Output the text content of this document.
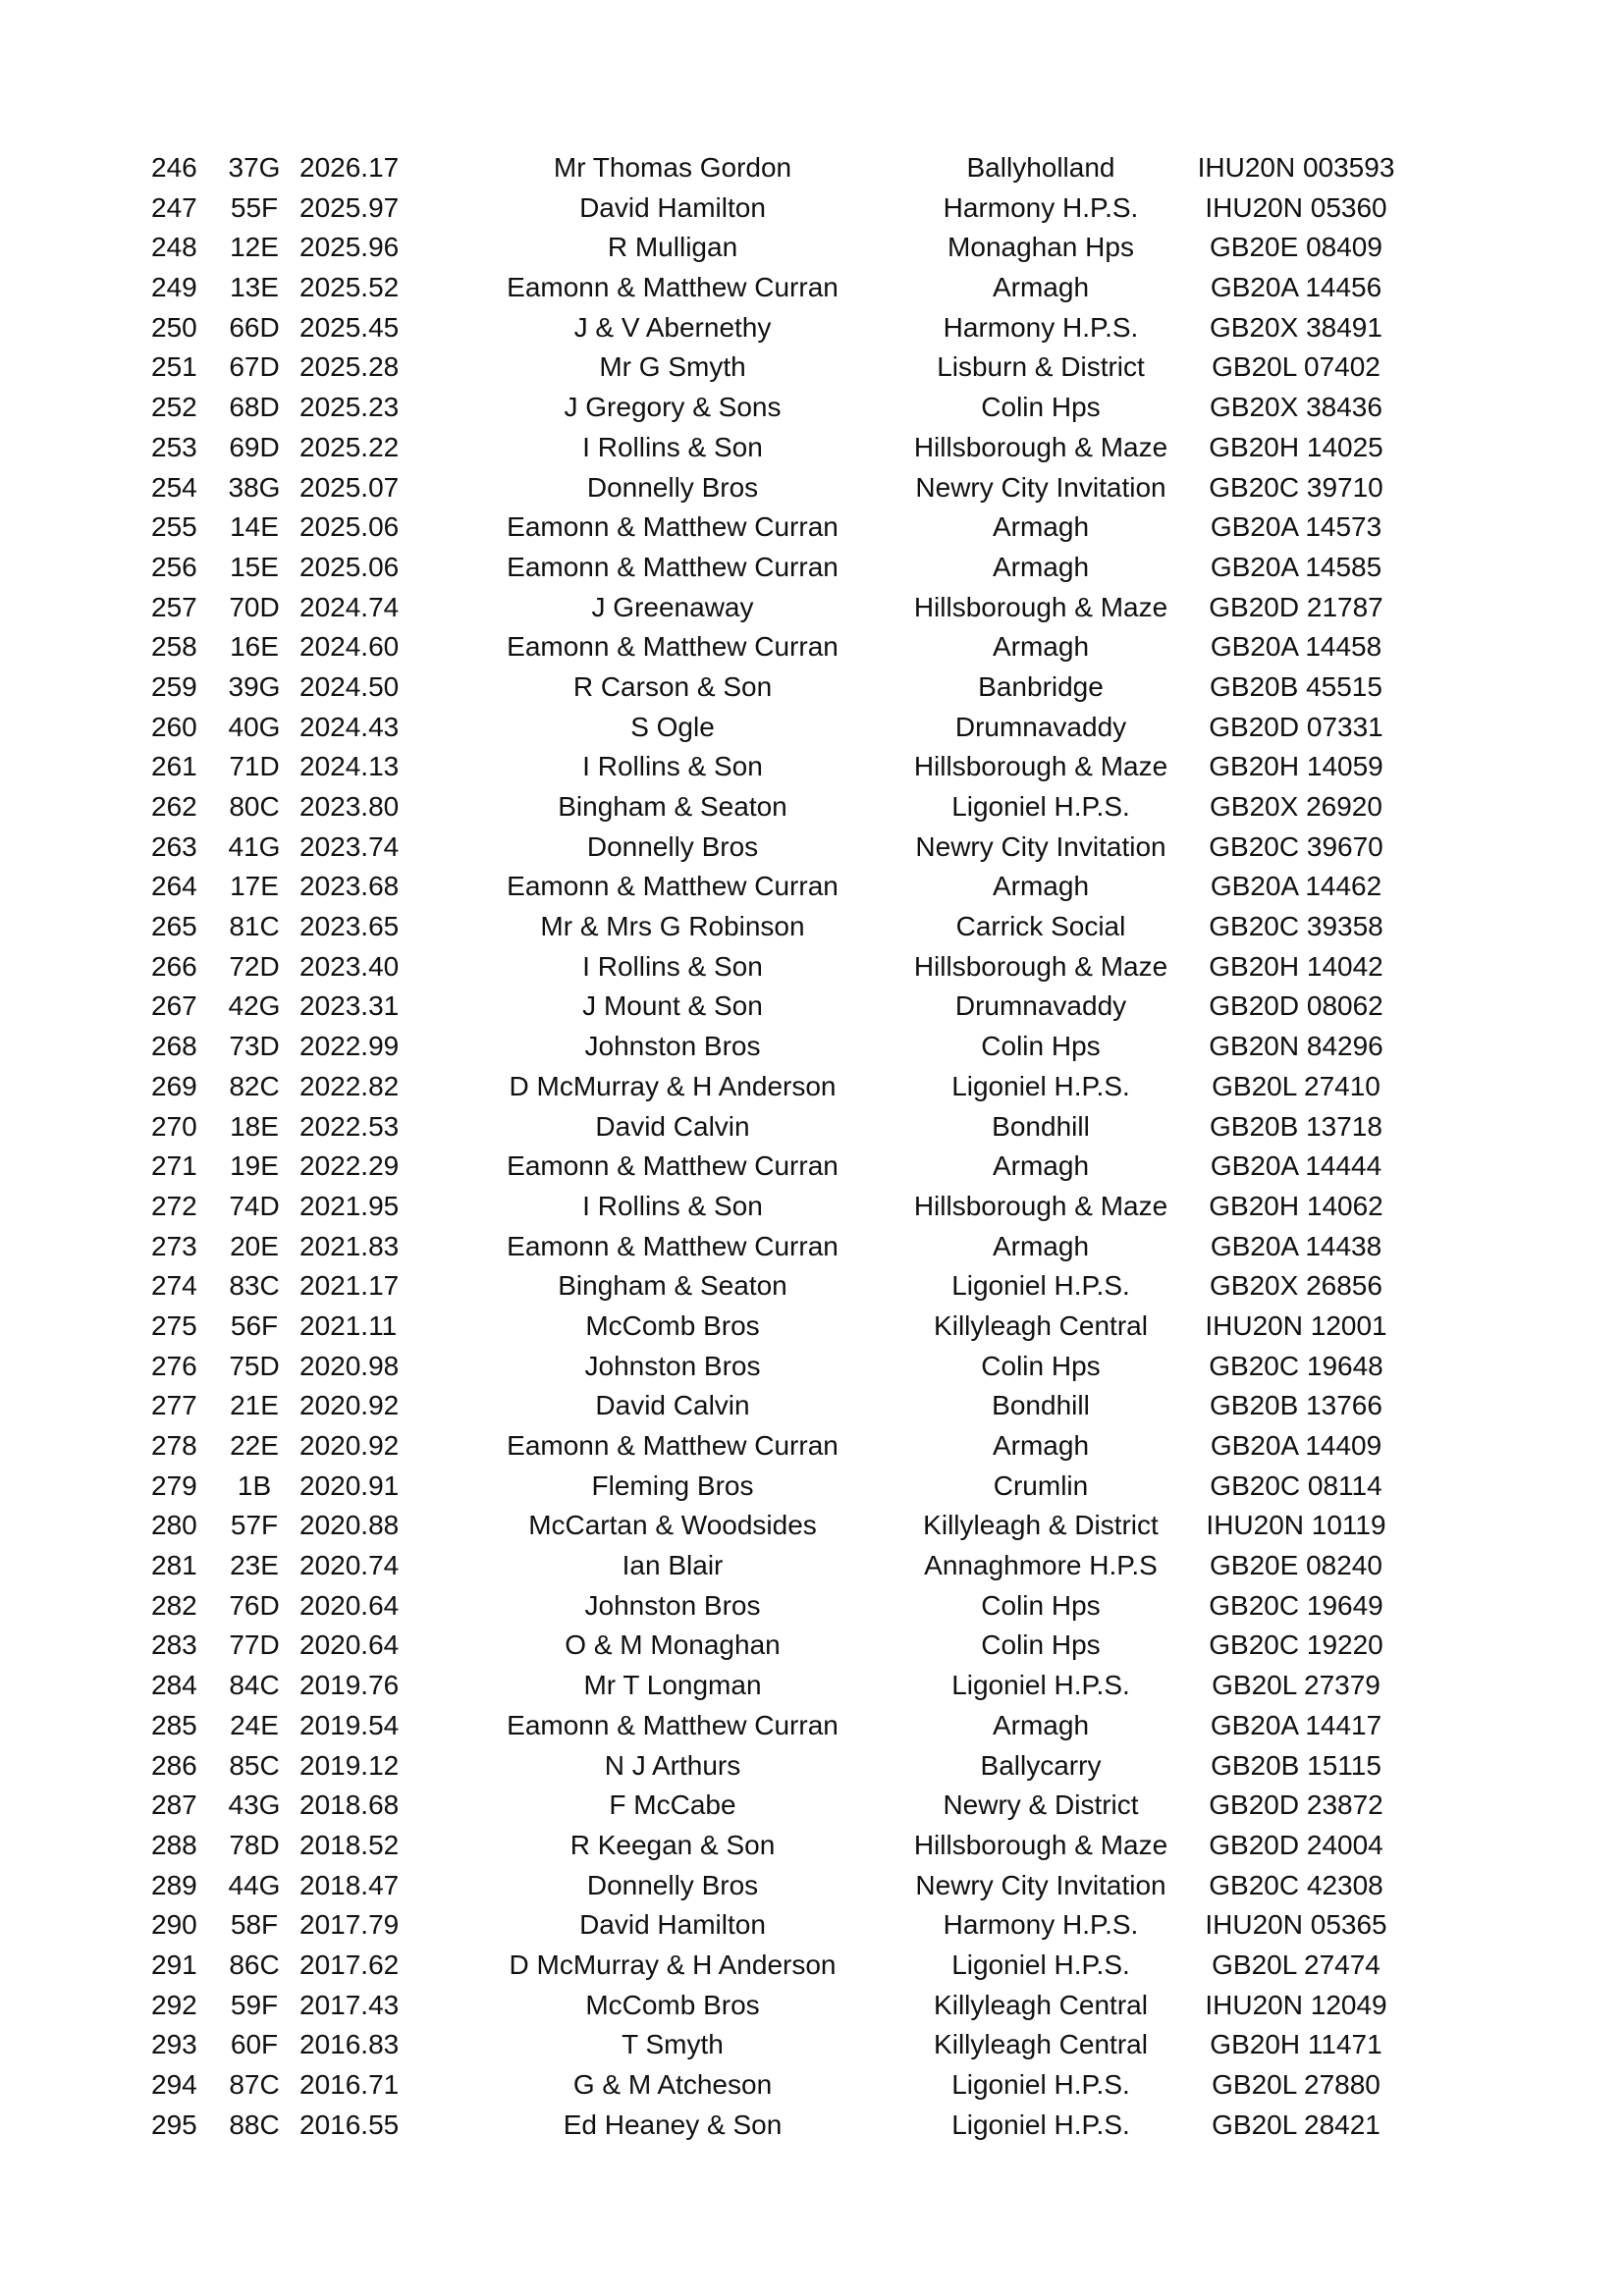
246	37G 2026.17	Mr Thomas Gordon	Ballyholland	IHU20N 003593
247	55F 2025.97	David Hamilton	Harmony H.P.S.	IHU20N 05360
248	12E 2025.96	R Mulligan	Monaghan Hps	GB20E 08409
249	13E 2025.52	Eamonn & Matthew Curran	Armagh	GB20A 14456
250	66D 2025.45	J & V Abernethy	Harmony H.P.S.	GB20X 38491
251	67D 2025.28	Mr G Smyth	Lisburn & District	GB20L 07402
252	68D 2025.23	J Gregory & Sons	Colin Hps	GB20X 38436
253	69D 2025.22	I Rollins & Son	Hillsborough & Maze	GB20H 14025
254	38G 2025.07	Donnelly Bros	Newry City Invitation	GB20C 39710
255	14E 2025.06	Eamonn & Matthew Curran	Armagh	GB20A 14573
256	15E 2025.06	Eamonn & Matthew Curran	Armagh	GB20A 14585
257	70D 2024.74	J Greenaway	Hillsborough & Maze	GB20D 21787
258	16E 2024.60	Eamonn & Matthew Curran	Armagh	GB20A 14458
259	39G 2024.50	R Carson & Son	Banbridge	GB20B 45515
260	40G 2024.43	S Ogle	Drumnavaddy	GB20D 07331
261	71D 2024.13	I Rollins & Son	Hillsborough & Maze	GB20H 14059
262	80C 2023.80	Bingham & Seaton	Ligoniel H.P.S.	GB20X 26920
263	41G 2023.74	Donnelly Bros	Newry City Invitation	GB20C 39670
264	17E 2023.68	Eamonn & Matthew Curran	Armagh	GB20A 14462
265	81C 2023.65	Mr & Mrs G Robinson	Carrick Social	GB20C 39358
266	72D 2023.40	I Rollins & Son	Hillsborough & Maze	GB20H 14042
267	42G 2023.31	J Mount & Son	Drumnavaddy	GB20D 08062
268	73D 2022.99	Johnston Bros	Colin Hps	GB20N 84296
269	82C 2022.82	D McMurray & H Anderson	Ligoniel H.P.S.	GB20L 27410
270	18E 2022.53	David Calvin	Bondhill	GB20B 13718
271	19E 2022.29	Eamonn & Matthew Curran	Armagh	GB20A 14444
272	74D 2021.95	I Rollins & Son	Hillsborough & Maze	GB20H 14062
273	20E 2021.83	Eamonn & Matthew Curran	Armagh	GB20A 14438
274	83C 2021.17	Bingham & Seaton	Ligoniel H.P.S.	GB20X 26856
275	56F 2021.11	McComb Bros	Killyleagh Central	IHU20N 12001
276	75D 2020.98	Johnston Bros	Colin Hps	GB20C 19648
277	21E 2020.92	David Calvin	Bondhill	GB20B 13766
278	22E 2020.92	Eamonn & Matthew Curran	Armagh	GB20A 14409
279	1B	2020.91	Fleming Bros	Crumlin	GB20C 08114
280	57F 2020.88	McCartan & Woodsides	Killyleagh & District	IHU20N 10119
281	23E 2020.74	Ian Blair	Annaghmore H.P.S	GB20E 08240
282	76D 2020.64	Johnston Bros	Colin Hps	GB20C 19649
283	77D 2020.64	O & M Monaghan	Colin Hps	GB20C 19220
284	84C 2019.76	Mr T Longman	Ligoniel H.P.S.	GB20L 27379
285	24E 2019.54	Eamonn & Matthew Curran	Armagh	GB20A 14417
286	85C 2019.12	N J Arthurs	Ballycarry	GB20B 15115
287	43G 2018.68	F McCabe	Newry & District	GB20D 23872
288	78D 2018.52	R Keegan & Son	Hillsborough & Maze	GB20D 24004
289	44G 2018.47	Donnelly Bros	Newry City Invitation	GB20C 42308
290	58F 2017.79	David Hamilton	Harmony H.P.S.	IHU20N 05365
291	86C 2017.62	D McMurray & H Anderson	Ligoniel H.P.S.	GB20L 27474
292	59F 2017.43	McComb Bros	Killyleagh Central	IHU20N 12049
293	60F 2016.83	T Smyth	Killyleagh Central	GB20H 11471
294	87C 2016.71	G & M Atcheson	Ligoniel H.P.S.	GB20L 27880
295	88C 2016.55	Ed Heaney & Son	Ligoniel H.P.S.	GB20L 28421
